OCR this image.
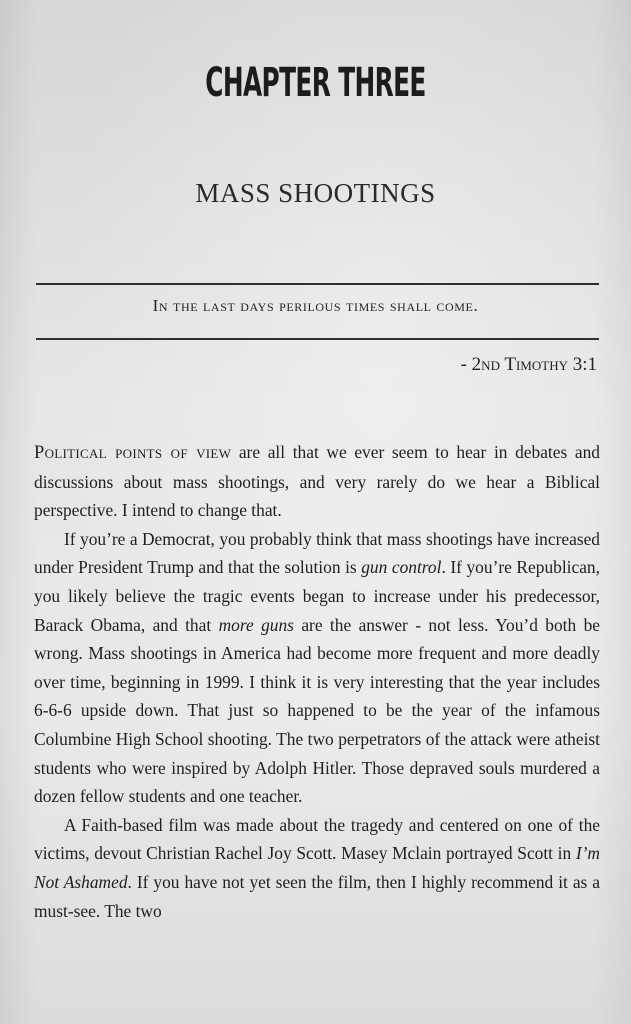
CHAPTER THREE
MASS SHOOTINGS
In the last days perilous times shall come.
- 2nd Timothy 3:1

Political points of view are all that we ever seem to hear in debates and discussions about mass shootings, and very rarely do we hear a Biblical perspective. I intend to change that.

If you’re a Democrat, you probably think that mass shootings have increased under President Trump and that the solution is gun control. If you’re Republican, you likely believe the tragic events began to increase under his predecessor, Barack Obama, and that more guns are the answer - not less. You’d both be wrong. Mass shootings in America had become more frequent and more deadly over time, beginning in 1999. I think it is very interesting that the year includes 6-6-6 upside down. That just so happened to be the year of the infamous Columbine High School shooting. The two perpetrators of the attack were atheist students who were inspired by Adolph Hitler. Those depraved souls murdered a dozen fellow students and one teacher.

A Faith-based film was made about the tragedy and centered on one of the victims, devout Christian Rachel Joy Scott. Masey Mclain portrayed Scott in I’m Not Ashamed. If you have not yet seen the film, then I highly recommend it as a must-see. The two
